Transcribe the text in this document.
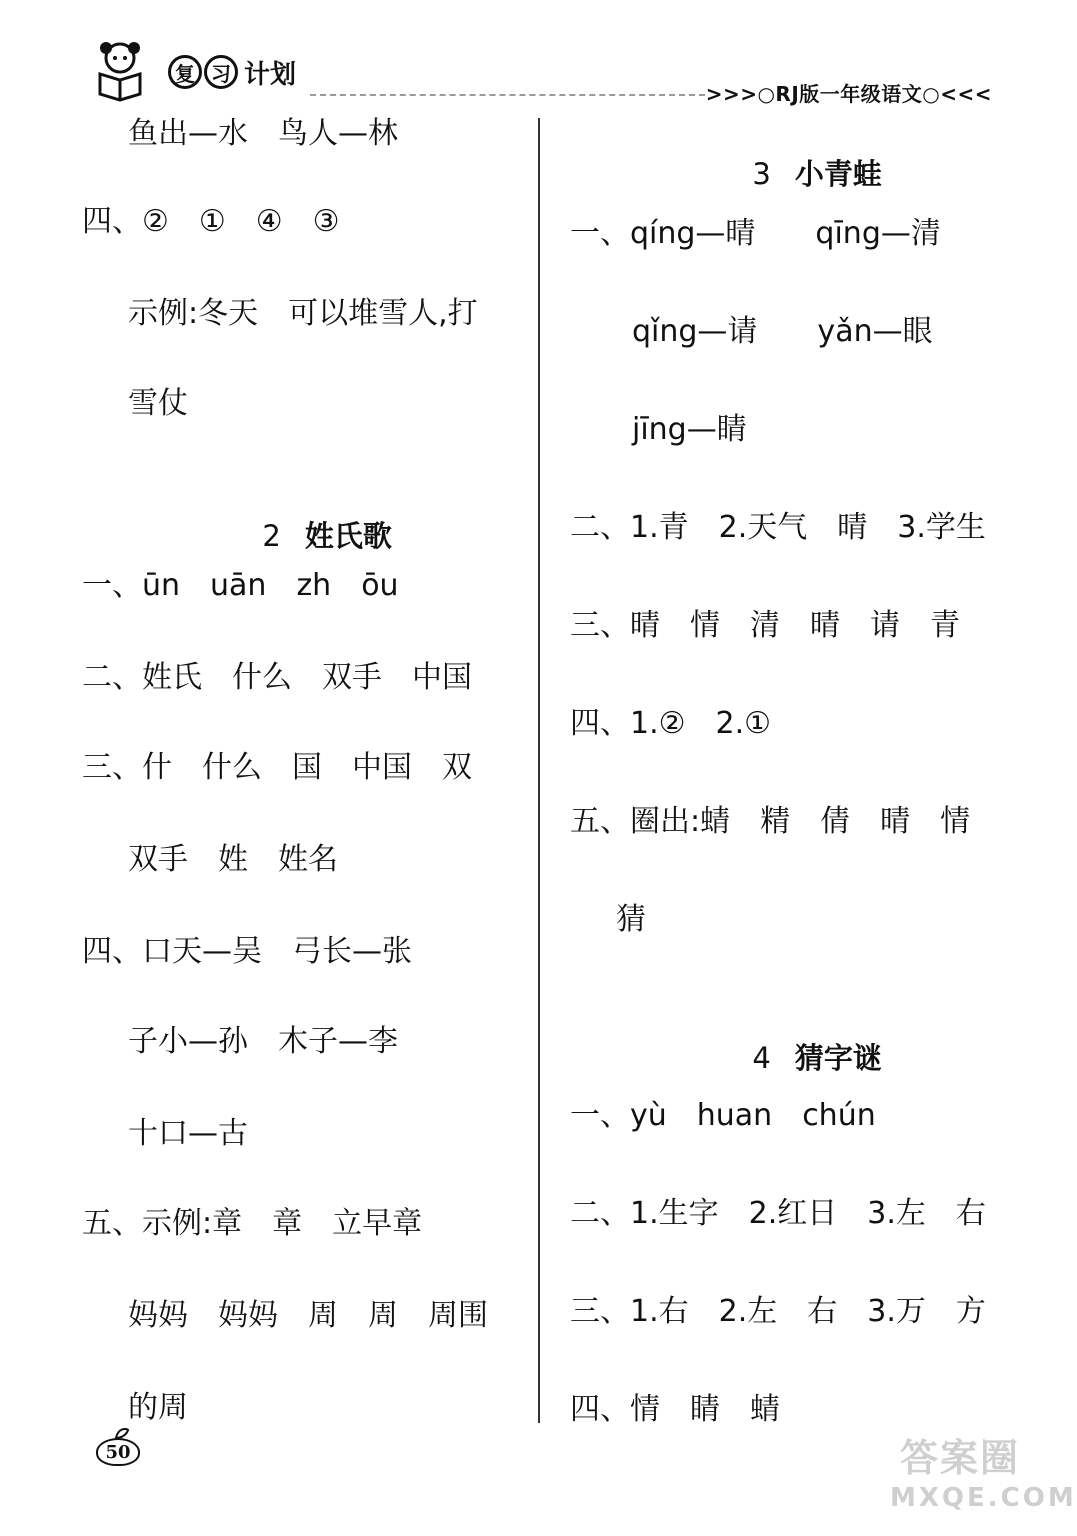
复 习 计划
>>>○RJ版一年级语文○<<<
鱼出—水　鸟人—林
四、②　①　④　③
示例:冬天　可以堆雪人,打
雪仗

2 姓氏歌

一、ūn　uān　zh　ōu
二、姓氏　什么　双手　中国
三、什　什么　国　中国　双
双手　姓　姓名
四、口天—吴　弓长—张
子小—孙　木子—李
十口—古
五、示例:章　章　立早章
妈妈　妈妈　周　周　周围
的周

3 小青蛙

一、qíng—晴　　qīng—清
qǐng—请　　yǎn—眼
jīng—睛
二、1.青　2.天气　晴　3.学生
三、晴　情　清　晴　请　青
四、1.②　2.①
五、圈出:蜻　精　倩　晴　情
猜

4 猜字谜

一、yù　huan　chún
二、1.生字　2.红日　3.左　右
三、1.右　2.左　右　3.万　方
四、情　睛　蜻
50	答案圈
MXQE.COM
